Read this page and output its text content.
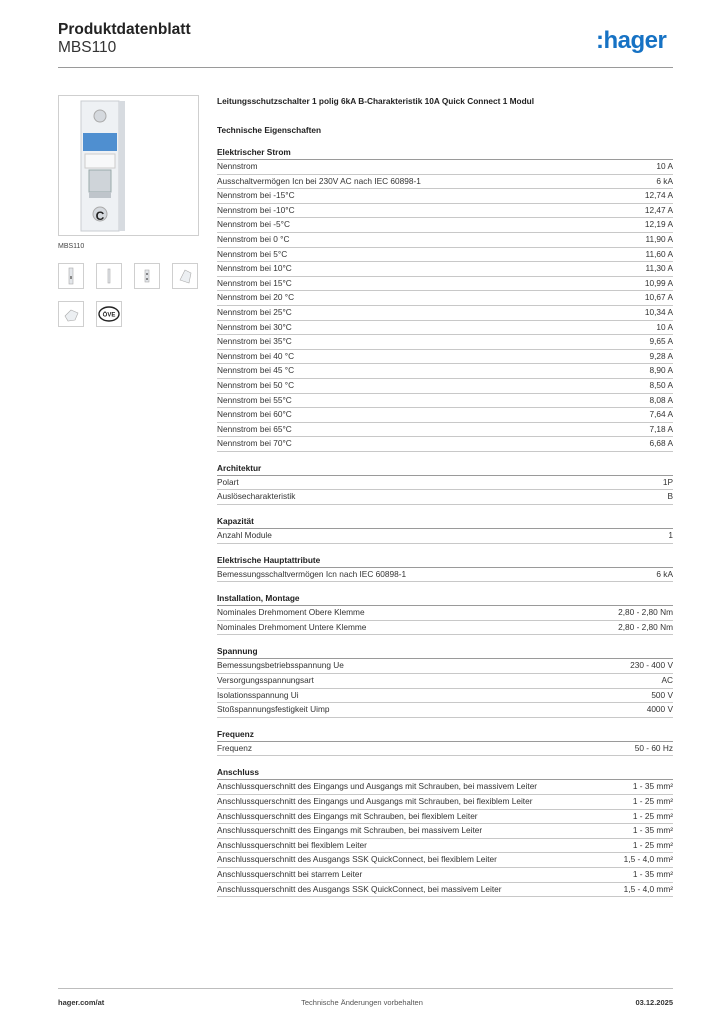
Produktdatenblatt
MBS110	:hager
C
MBS110
ÖVE
Leitungsschutzschalter 1 polig 6kA B-Charakteristik 10A Quick Connect 1 Modul
Technische Eigenschaften
Elektrischer Strom
Nennstrom	10 A
Ausschaltvermögen Icn bei 230V AC nach IEC 60898-1	6 kA
Nennstrom bei -15°C	12,74 A
Nennstrom bei -10°C	12,47 A
Nennstrom bei -5°C	12,19 A
Nennstrom bei 0 °C	11,90 A
Nennstrom bei 5°C	11,60 A
Nennstrom bei 10°C	11,30 A
Nennstrom bei 15°C	10,99 A
Nennstrom bei 20 °C	10,67 A
Nennstrom bei 25°C	10,34 A
Nennstrom bei 30°C	10 A
Nennstrom bei 35°C	9,65 A
Nennstrom bei 40 °C	9,28 A
Nennstrom bei 45 °C	8,90 A
Nennstrom bei 50 °C	8,50 A
Nennstrom bei 55°C	8,08 A
Nennstrom bei 60°C	7,64 A
Nennstrom bei 65°C	7,18 A
Nennstrom bei 70°C	6,68 A
Architektur
Polart	1P
Auslösecharakteristik	B
Kapazität
Anzahl Module	1
Elektrische Hauptattribute
Bemessungsschaltvermögen Icn nach IEC 60898-1	6 kA
Installation, Montage
Nominales Drehmoment Obere Klemme	2,80 - 2,80 Nm
Nominales Drehmoment Untere Klemme	2,80 - 2,80 Nm
Spannung
Bemessungsbetriebsspannung Ue	230 - 400 V
Versorgungsspannungsart	AC
Isolationsspannung Ui	500 V
Stoßspannungsfestigkeit Uimp	4000 V
Frequenz
Frequenz	50 - 60 Hz
Anschluss
Anschlussquerschnitt des Eingangs und Ausgangs mit Schrauben, bei massivem Leiter	1 - 35 mm²
Anschlussquerschnitt des Eingangs und Ausgangs mit Schrauben, bei flexiblem Leiter	1 - 25 mm²
Anschlussquerschnitt des Eingangs mit Schrauben, bei flexiblem Leiter	1 - 25 mm²
Anschlussquerschnitt des Eingangs mit Schrauben, bei massivem Leiter	1 - 35 mm²
Anschlussquerschnitt bei flexiblem Leiter	1 - 25 mm²
Anschlussquerschnitt des Ausgangs SSK QuickConnect, bei flexiblem Leiter	1,5 - 4,0 mm²
Anschlussquerschnitt bei starrem Leiter	1 - 35 mm²
Anschlussquerschnitt des Ausgangs SSK QuickConnect, bei massivem Leiter	1,5 - 4,0 mm²
hager.com/at	Technische Änderungen vorbehalten	03.12.2025
